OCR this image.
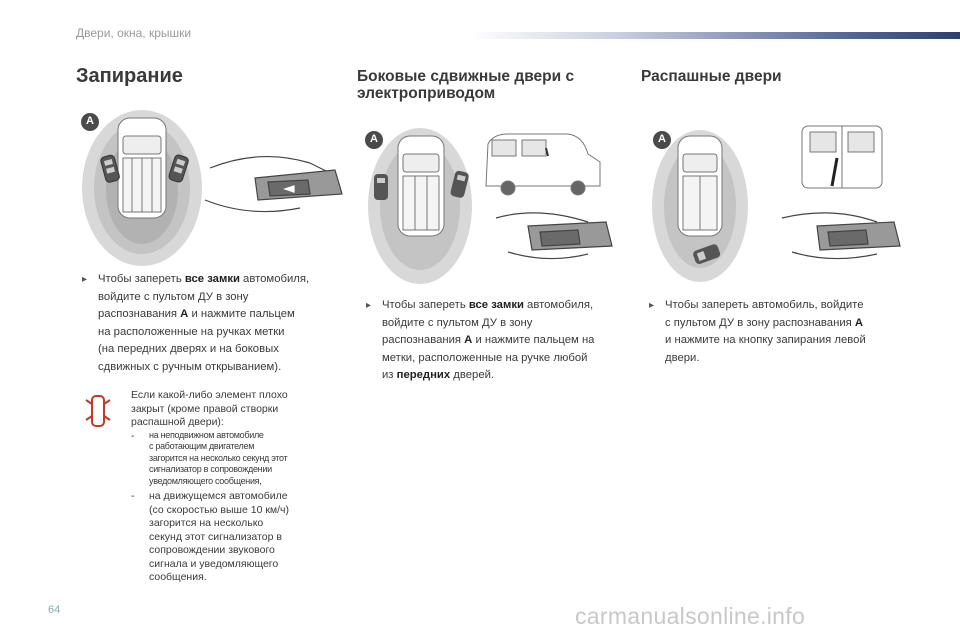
Двери, окна, крышки
Запирание	Боковые сдвижные двери с
электроприводом
Распашные двери
A
A	A
▸ Чтобы запереть все замки автомобиля,
войдите с пультом ДУ в зону
распознавания A и нажмите пальцем
на расположенные на ручках метки
(на передних дверях и на боковых
сдвижных с ручным открыванием).
Если какой-либо элемент плохо
закрыт (кроме правой створки
распашной двери):
- на неподвижном автомобиле
с работающим двигателем
загорится на несколько секунд этот
сигнализатор в сопровождении
уведомляющего сообщения,
- на движущемся автомобиле
(со скоростью выше 10 км/ч)
загорится на несколько
секунд этот сигнализатор в
сопровождении звукового
сигнала и уведомляющего
сообщения.
▸ Чтобы запереть все замки автомобиля,
войдите с пультом ДУ в зону
распознавания A и нажмите пальцем на
метки, расположенные на ручке любой
из передних дверей.
▸ Чтобы запереть автомобиль, войдите
с пультом ДУ в зону распознавания A
и нажмите на кнопку запирания левой
двери.
64	carmanualsonline.info
